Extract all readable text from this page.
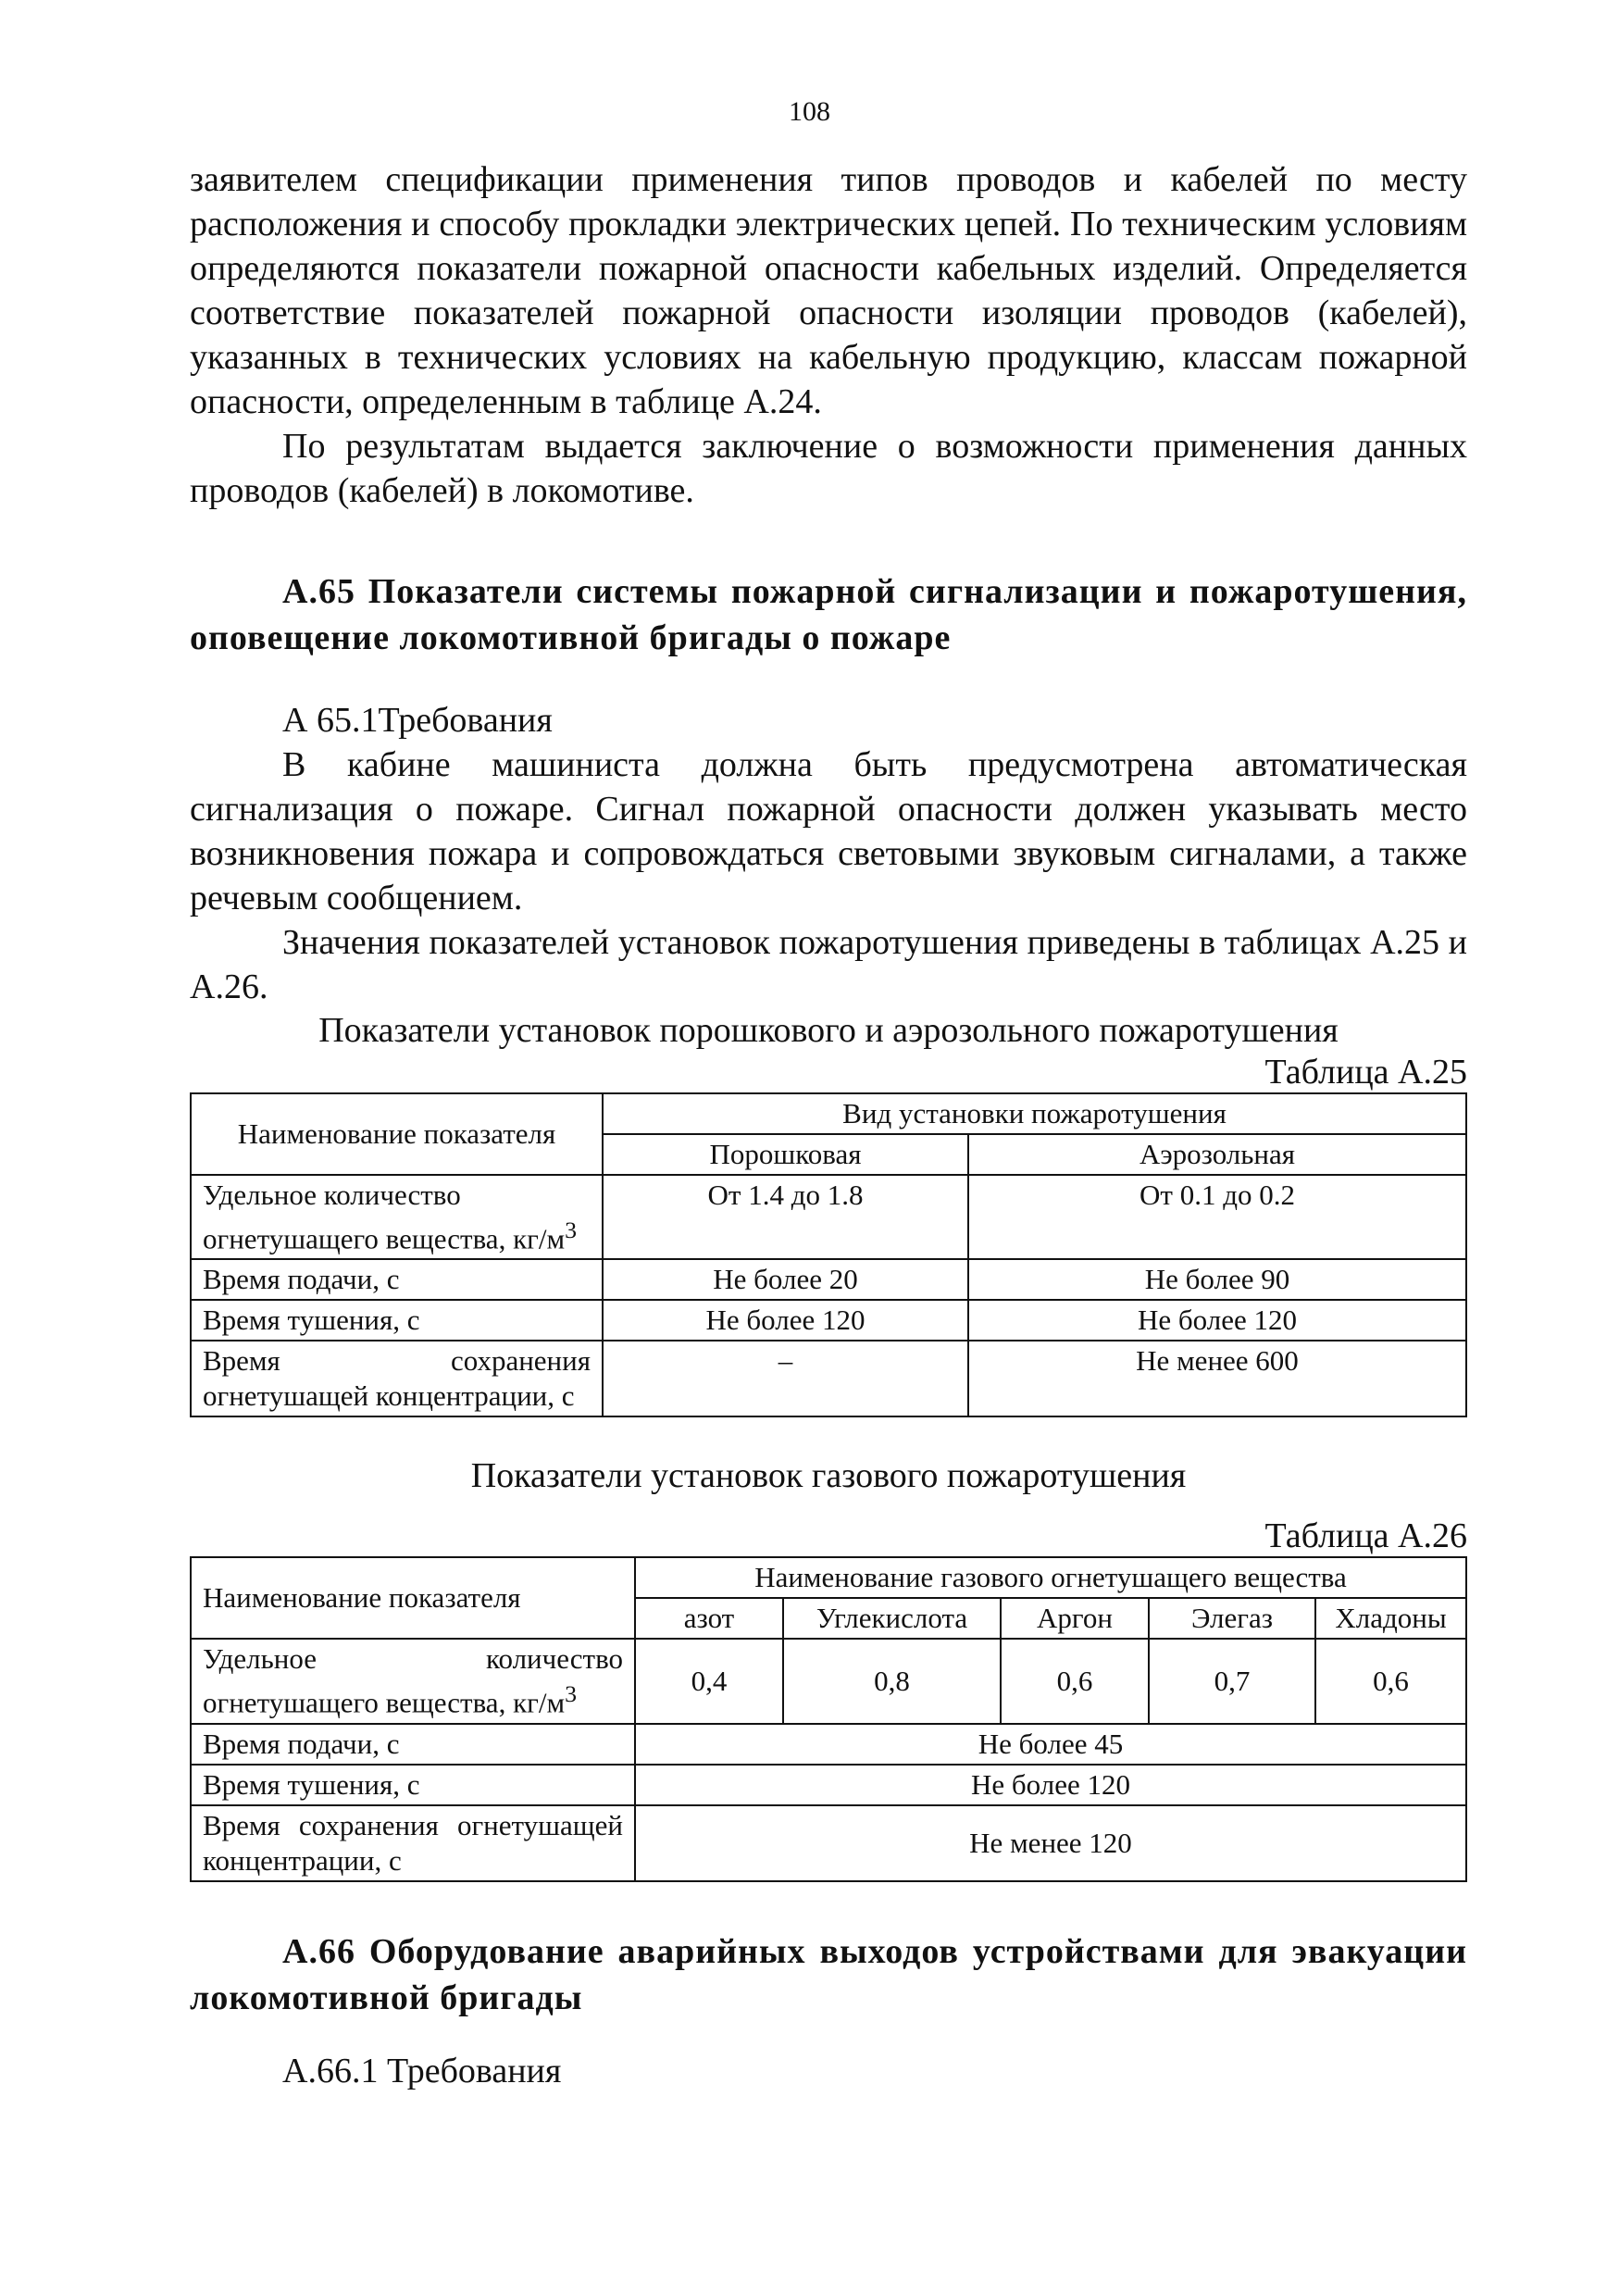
108

заявителем спецификации применения типов проводов и кабелей по месту расположения и способу прокладки электрических цепей. По техническим условиям определяются показатели пожарной опасности кабельных изделий. Определяется соответствие показателей пожарной опасности изоляции проводов (кабелей), указанных в технических условиях на кабельную продукцию, классам пожарной опасности, определенным в таблице А.24.

По результатам выдается заключение о возможности применения данных проводов (кабелей) в локомотиве.

А.65 Показатели системы пожарной сигнализации и пожаротушения, оповещение локомотивной бригады о пожаре

А 65.1Требования

В кабине машиниста должна быть предусмотрена автоматическая сигнализация о пожаре. Сигнал пожарной опасности должен указывать место возникновения пожара и сопровождаться световыми звуковым сигналами, а также речевым сообщением.

Значения показателей установок пожаротушения приведены в таблицах А.25 и А.26.

Показатели установок порошкового и аэрозольного пожаротушения

Таблица А.25

Наименование показателя	Вид установки пожаротушения	
	Порошковая	Аэрозольная
Удельное количество огнетушащего вещества, $кг/м^3$	От 1.4 до 1.8	От 0.1 до 0.2
Время подачи, с	Не более 20	Не более 90
Время тушения, с	Не более 120	Не более 120
Время сохранения огнетушащей концентрации, с	–	Не менее 600

Показатели установок газового пожаротушения

Таблица А.26

Наименование показателя	Наименование газового огнетушащего вещества				
	азот	Углекислота	Аргон	Элегаз	Хладоны
Удельное количество огнетушащего вещества, $кг/м^3$	0,4	0,8	0,6	0,7	0,6
Время подачи, с	Не более 45				
Время тушения, с	Не более 120				
Время сохранения огнетушащей концентрации, с	Не менее 120				
А.66 Оборудование аварийных выходов устройствами для эвакуации локомотивной бригады

А.66.1 Требования
